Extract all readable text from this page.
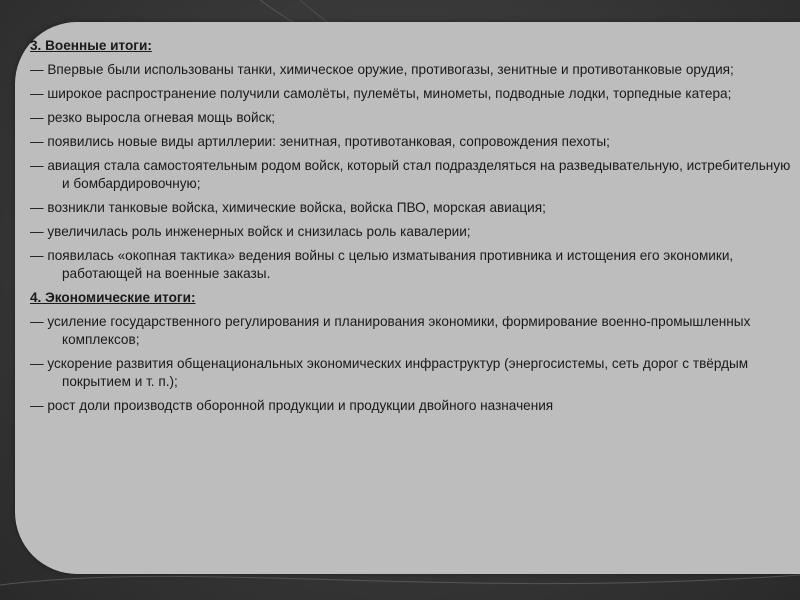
3. Военные итоги:
— Впервые были использованы танки, химическое оружие, противогазы, зенитные и противотанковые орудия;
— широкое распространение получили самолёты, пулемёты, минометы, подводные лодки, торпедные катера;
— резко выросла огневая мощь войск;
— появились новые виды артиллерии: зенитная, противотанковая, сопровождения пехоты;
— авиация стала самостоятельным родом войск, который стал подразделяться на разведывательную, истребительную и бомбардировочную;
— возникли танковые войска, химические войска, войска ПВО, морская авиация;
— увеличилась роль инженерных войск и снизилась роль кавалерии;
— появилась «окопная тактика» ведения войны с целью изматывания противника и истощения его экономики, работающей на военные заказы.
4. Экономические итоги:
— усиление государственного регулирования и планирования экономики, формирование военно-промышленных комплексов;
— ускорение развития общенациональных экономических инфраструктур (энергосистемы, сеть дорог с твёрдым покрытием и т. п.);
— рост доли производств оборонной продукции и продукции двойного назначения
